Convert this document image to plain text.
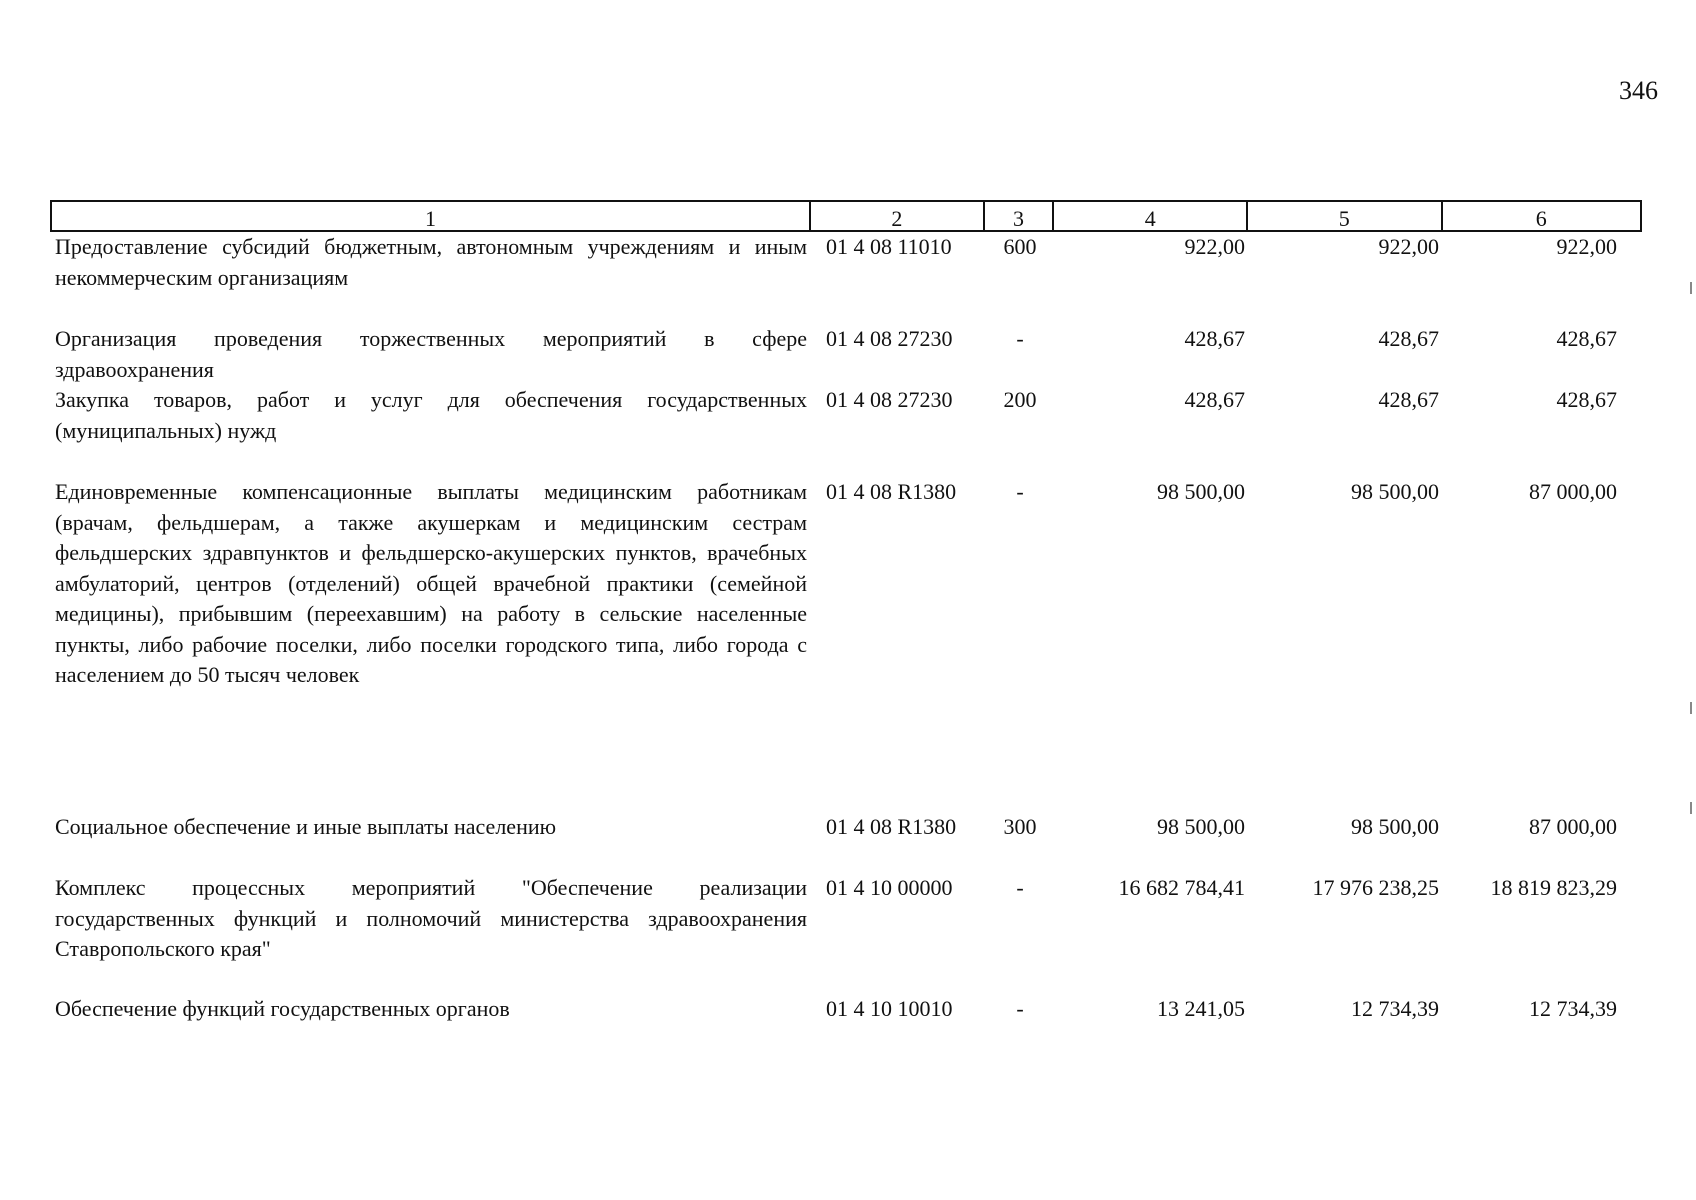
346
1	2	3	4	5	6
Предоставление субсидий бюджетным, автономным учреждениям и иным некоммерческим организациям
01 4 08 11010	600	922,00	922,00	922,00
Организация проведения торжественных мероприятий в сфере здравоохранения
01 4 08 27230	-	428,67	428,67	428,67
Закупка товаров, работ и услуг для обеспечения государственных (муниципальных) нужд
01 4 08 27230	200	428,67	428,67	428,67
Единовременные компенсационные выплаты медицинским работникам (врачам, фельдшерам, а также акушеркам и медицинским сестрам фельдшерских здравпунктов и фельдшерско-акушерских пунктов, врачебных амбулаторий, центров (отделений) общей врачебной практики (семейной медицины), прибывшим (переехавшим) на работу в сельские населенные пункты, либо рабочие поселки, либо поселки городского типа, либо города с населением до 50 тысяч человек
01 4 08 R1380	-	98 500,00	98 500,00	87 000,00
Социальное обеспечение и иные выплаты населению	01 4 08 R1380	300	98 500,00	98 500,00	87 000,00
Комплекс процессных мероприятий "Обеспечение реализации государственных функций и полномочий министерства здравоохранения Ставропольского края"
01 4 10 00000	-	16 682 784,41	17 976 238,25	18 819 823,29
Обеспечение функций государственных органов	01 4 10 10010	-	13 241,05	12 734,39	12 734,39
